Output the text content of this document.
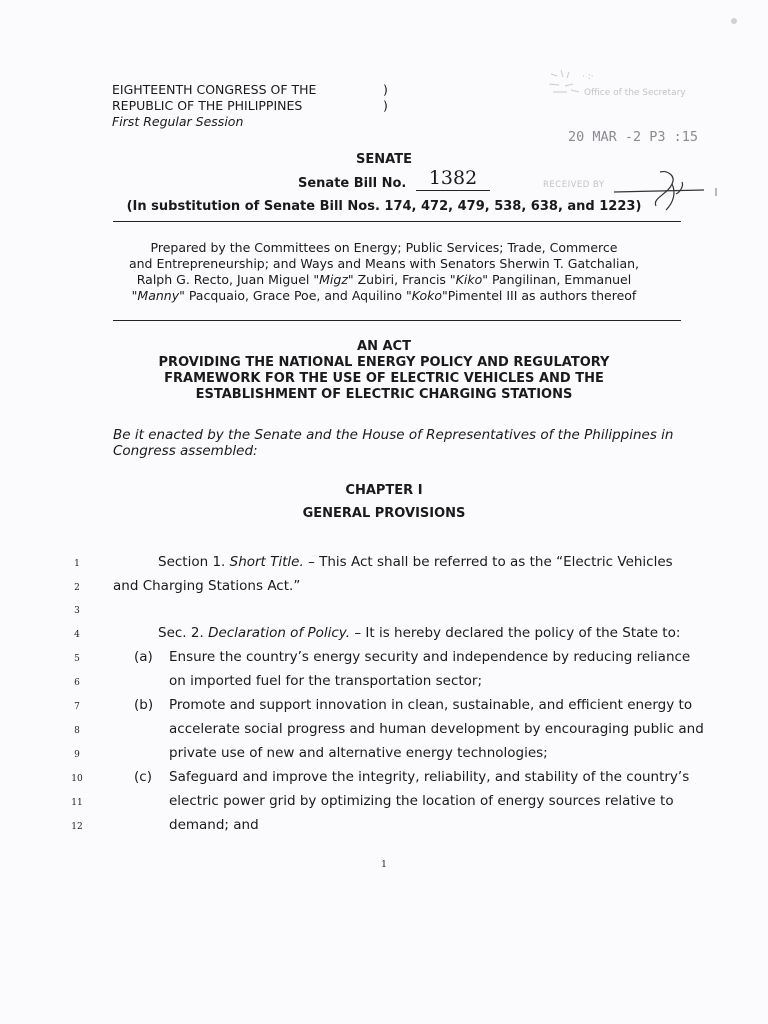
EIGHTEENTH CONGRESS OF THE
REPUBLIC OF THE PHILIPPINES
First Regular Session
)
)
· :·
Office of the Secretary
20 MAR -2 P3 :15
SENATE
Senate Bill No.	1382	RECEIVED BY
(In substitution of Senate Bill Nos. 174, 472, 479, 538, 638, and 1223)
Prepared by the Committees on Energy; Public Services; Trade, Commerce
and Entrepreneurship; and Ways and Means with Senators Sherwin T. Gatchalian,
Ralph G. Recto, Juan Miguel "Migz" Zubiri, Francis "Kiko" Pangilinan, Emmanuel
"Manny" Pacquaio, Grace Poe, and Aquilino "Koko"Pimentel III as authors thereof
AN ACT
PROVIDING THE NATIONAL ENERGY POLICY AND REGULATORY
FRAMEWORK FOR THE USE OF ELECTRIC VEHICLES AND THE
ESTABLISHMENT OF ELECTRIC CHARGING STATIONS
Be it enacted by the Senate and the House of Representatives of the Philippines in
Congress assembled:
CHAPTER I
GENERAL PROVISIONS
1
2
3
4
5
6
7
8
9
10
11
12
Section 1. Short Title. – This Act shall be referred to as the “Electric Vehicles
and Charging Stations Act.”
Sec. 2. Declaration of Policy. – It is hereby declared the policy of the State to:
(a) Ensure the country’s energy security and independence by reducing reliance
on imported fuel for the transportation sector;
(b) Promote and support innovation in clean, sustainable, and efficient energy to
accelerate social progress and human development by encouraging public and
private use of new and alternative energy technologies;
(c) Safeguard and improve the integrity, reliability, and stability of the country’s
electric power grid by optimizing the location of energy sources relative to
demand; and
1
